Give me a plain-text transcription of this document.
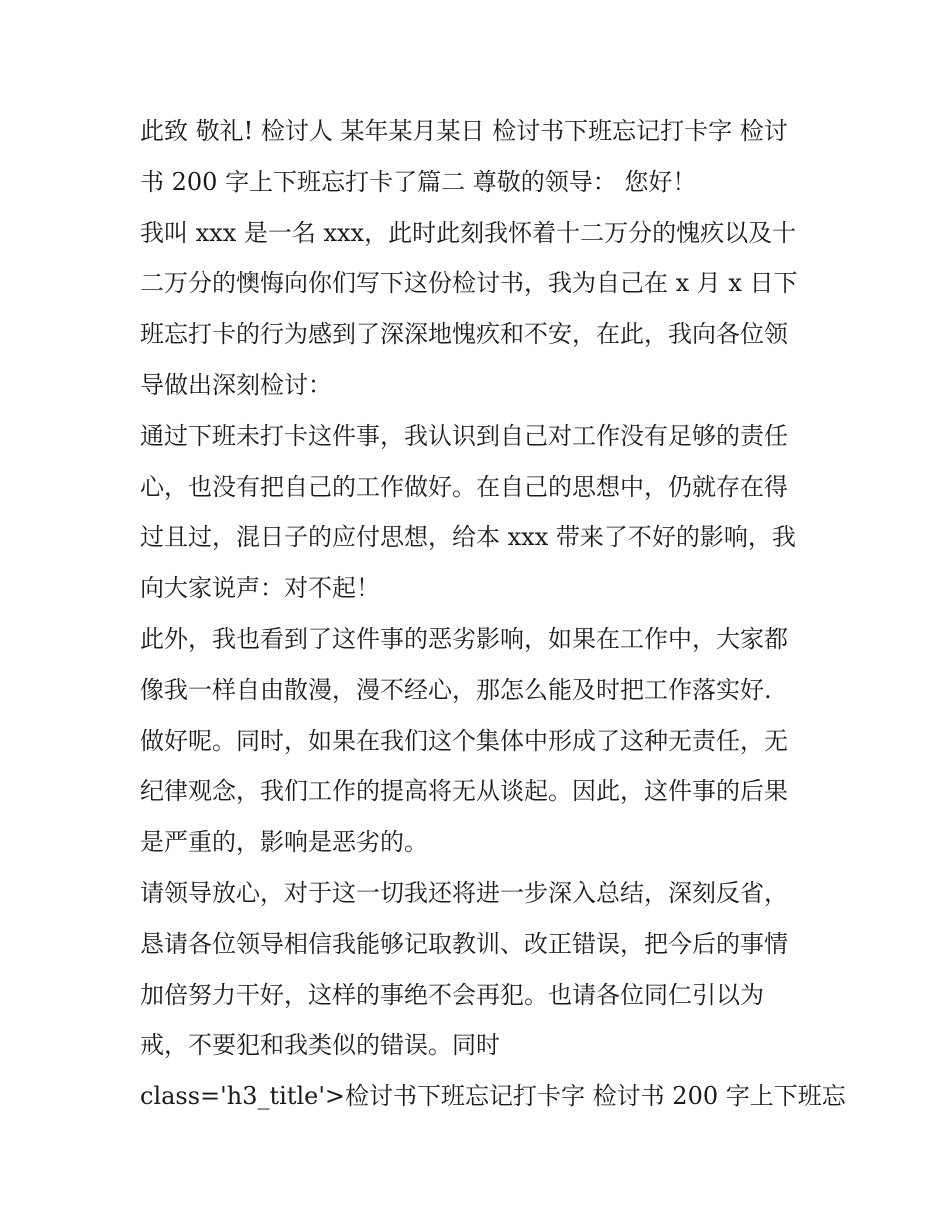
此致 敬礼! 检讨人 某年某月某日 检讨书下班忘记打卡字 检讨
书 200 字上下班忘打卡了篇二 尊敬的领导： 您好！
我叫 xxx 是一名 xxx，此时此刻我怀着十二万分的愧疚以及十
二万分的懊悔向你们写下这份检讨书，我为自己在 x 月 x 日下
班忘打卡的行为感到了深深地愧疚和不安，在此，我向各位领
导做出深刻检讨：
通过下班未打卡这件事，我认识到自己对工作没有足够的责任
心，也没有把自己的工作做好。在自己的思想中，仍就存在得
过且过，混日子的应付思想，给本 xxx 带来了不好的影响，我
向大家说声：对不起！
此外，我也看到了这件事的恶劣影响，如果在工作中，大家都
像我一样自由散漫，漫不经心，那怎么能及时把工作落实好.
做好呢。同时，如果在我们这个集体中形成了这种无责任，无
纪律观念，我们工作的提高将无从谈起。因此，这件事的后果
是严重的，影响是恶劣的。
请领导放心，对于这一切我还将进一步深入总结，深刻反省，
恳请各位领导相信我能够记取教训、改正错误，把今后的事情
加倍努力干好，这样的事绝不会再犯。也请各位同仁引以为
戒，不要犯和我类似的错误。同时
class='h3_title'>检讨书下班忘记打卡字 检讨书 200 字上下班忘
